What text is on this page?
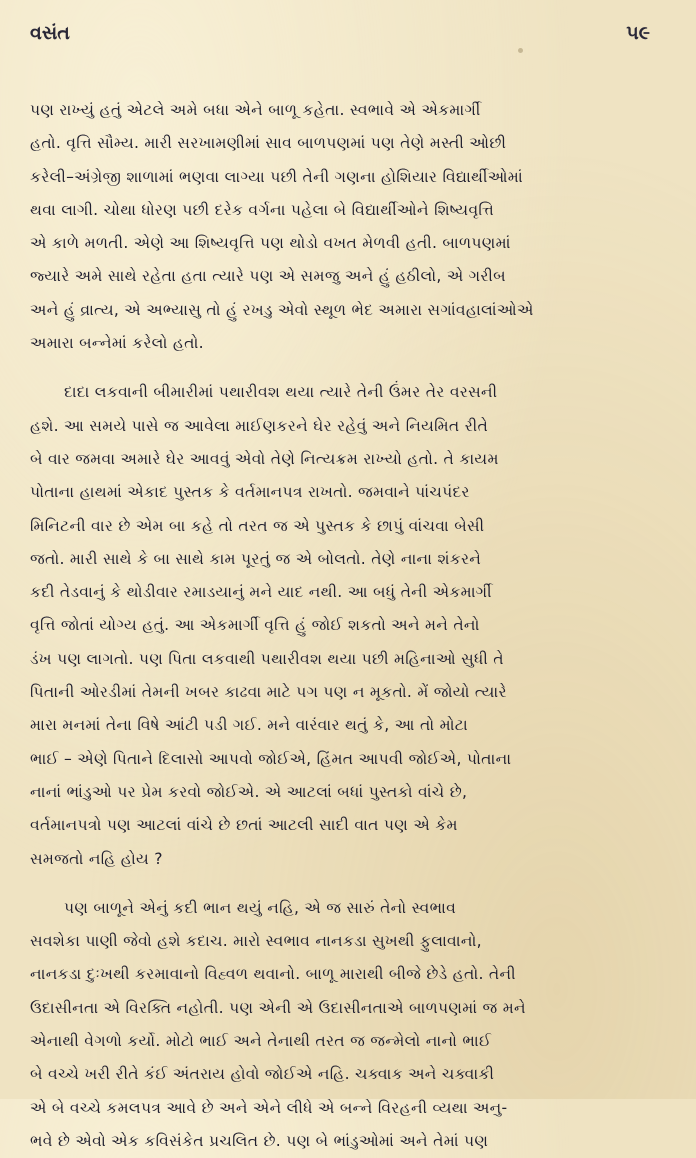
વસંત	૫૯
પણ રાખ્યું હતું એટલે અમે બધા એને બાળૂ કહેતા. સ્વભાવે એ એકમાર્ગી
હતો. વૃત્તિ સૌમ્ય. મારી સરખામણીમાં સાવ બાળપણમાં પણ તેણે મસ્તી ઓછી
કરેલી–અંગ્રેજી શાળામાં ભણવા લાગ્યા પછી તેની ગણના હોશિયાર વિદ્યાર્થીઓમાં
થવા લાગી. ચોથા ધોરણ પછી દરેક વર્ગના પહેલા બે વિદ્યાર્થીઓને શિષ્યવૃત્તિ
એ કાળે મળતી. એણે આ શિષ્યવૃત્તિ પણ થોડો વખત મેળવી હતી. બાળપણમાં
જ્યારે અમે સાથે રહેતા હતા ત્યારે પણ એ સમજુ અને હું હઠીલો, એ ગરીબ
અને હું વ્રાત્ય, એ અભ્યાસુ તો હું રખડુ એવો સ્થૂળ ભેદ અમારા સગાંવહાલાંઓએ
અમારા બન્નેમાં કરેલો હતો.
દાદા લકવાની બીમારીમાં પથારીવશ થયા ત્યારે તેની ઉંમર તેર વરસની
હશે. આ સમયે પાસે જ આવેલા માઈણકરને ઘેર રહેવું અને નિયમિત રીતે
બે વાર જમવા અમારે ઘેર આવવું એવો તેણે નિત્યક્રમ રાખ્યો હતો. તે કાયમ
પોતાના હાથમાં એકાદ પુસ્તક કે વર્તમાનપત્ર રાખતો. જમવાને પાંચપંદર
મિનિટની વાર છે એમ બા કહે તો તરત જ એ પુસ્તક કે છાપું વાંચવા બેસી
જતો. મારી સાથે કે બા સાથે કામ પૂરતું જ એ બોલતો. તેણે નાના શંકરને
કદી તેડવાનું કે થોડીવાર રમાડયાનું મને યાદ નથી. આ બધું તેની એકમાર્ગી
વૃત્તિ જોતાં યોગ્ય હતું. આ એકમાર્ગી વૃત્તિ હું જોઈ શકતો અને મને તેનો
ડંખ પણ લાગતો. પણ પિતા લકવાથી પથારીવશ થયા પછી મહિનાઓ સુધી તે
પિતાની ઓરડીમાં તેમની ખબર કાઢવા માટે પગ પણ ન મૂકતો. મેં જોયો ત્યારે
મારા મનમાં તેના વિષે આંટી પડી ગઈ. મને વારંવાર થતું કે, આ તો મોટા
ભાઈ – એણે પિતાને દિલાસો આપવો જોઈએ, હિંમત આપવી જોઈએ, પોતાના
નાનાં ભાંડુઓ પર પ્રેમ કરવો જોઈએ. એ આટલાં બધાં પુસ્તકો વાંચે છે,
વર્તમાનપત્રો પણ આટલાં વાંચે છે છતાં આટલી સાદી વાત પણ એ કેમ
સમજતો નહિ હોય ?
પણ બાળૂને એનું કદી ભાન થયું નહિ, એ જ સારું તેનો સ્વભાવ
સવશેકા પાણી જેવો હશે કદાચ. મારો સ્વભાવ નાનકડા સુખથી ફુલાવાનો,
નાનકડા દુઃખથી કરમાવાનો વિહ્વળ થવાનો. બાળૂ મારાથી બીજે છેડે હતો. તેની
ઉદાસીનતા એ વિરક્તિ નહોતી. પણ એની એ ઉદાસીનતાએ બાળપણમાં જ મને
એનાથી વેગળો કર્યો. મોટો ભાઈ અને તેનાથી તરત જ જન્મેલો નાનો ભાઈ
બે વચ્ચે ખરી રીતે કંઈ અંતરાય હોવો જોઈએ નહિ. ચક્વાક અને ચક્વાકી
એ બે વચ્ચે કમલપત્ર આવે છે અને એને લીધે એ બન્ને વિરહની વ્યથા અનુ-
ભવે છે એવો એક કવિસંકેત પ્રચલિત છે. પણ બે ભાંડુઓમાં અને તેમાં પણ
